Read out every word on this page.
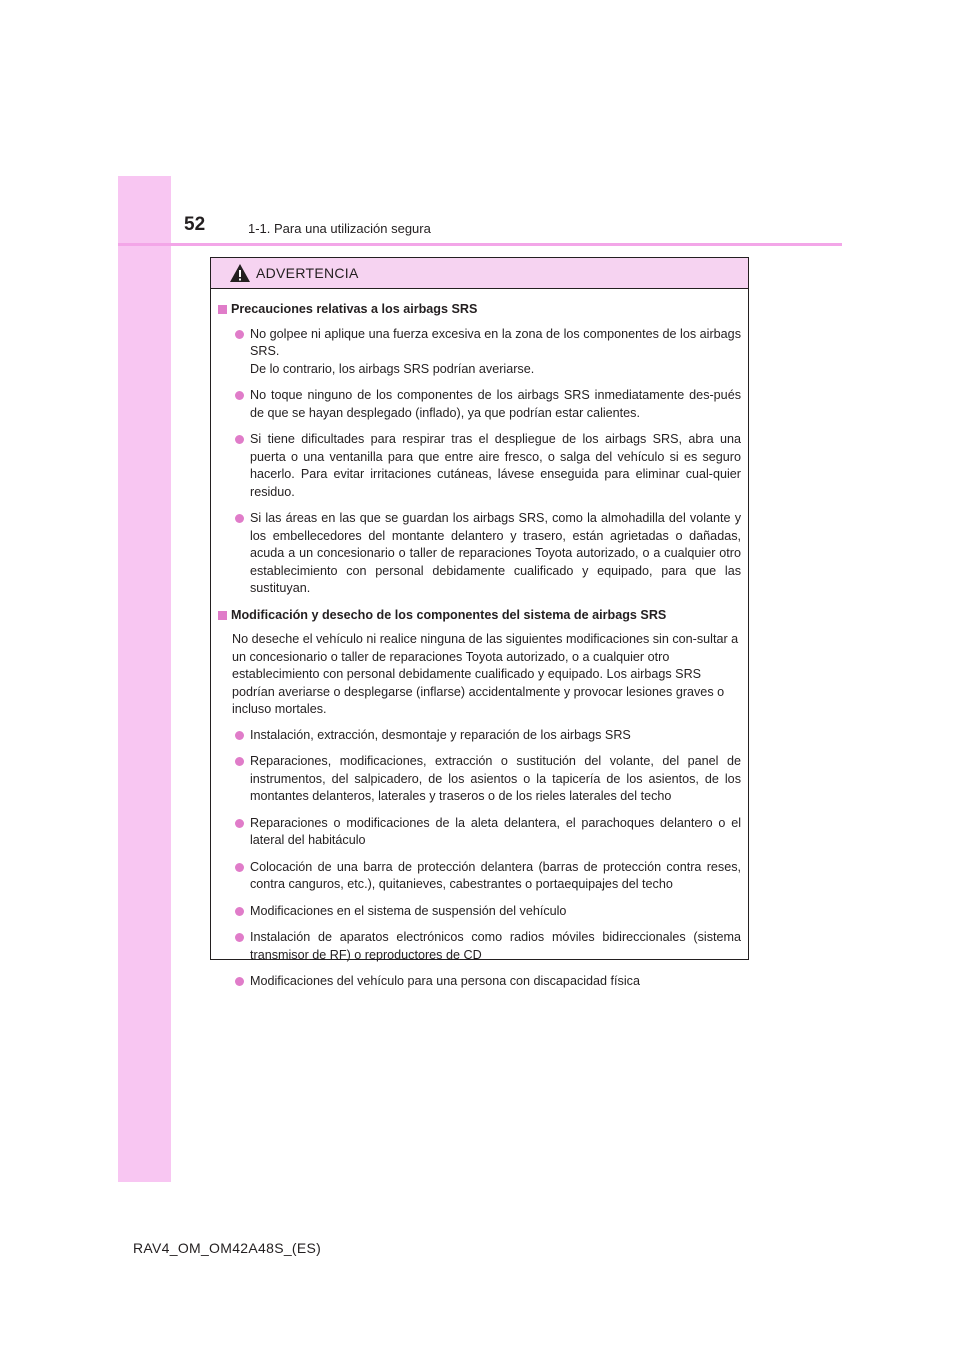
52	1-1. Para una utilización segura
ADVERTENCIA
Precauciones relativas a los airbags SRS

No golpee ni aplique una fuerza excesiva en la zona de los componentes de los airbags SRS.

De lo contrario, los airbags SRS podrían averiarse.

No toque ninguno de los componentes de los airbags SRS inmediatamente des-pués de que se hayan desplegado (inflado), ya que podrían estar calientes.

Si tiene dificultades para respirar tras el despliegue de los airbags SRS, abra una puerta o una ventanilla para que entre aire fresco, o salga del vehículo si es seguro hacerlo. Para evitar irritaciones cutáneas, lávese enseguida para eliminar cual-quier residuo.

Si las áreas en las que se guardan los airbags SRS, como la almohadilla del volante y los embellecedores del montante delantero y trasero, están agrietadas o dañadas, acuda a un concesionario o taller de reparaciones Toyota autorizado, o a cualquier otro establecimiento con personal debidamente cualificado y equipado, para que las sustituyan.

Modificación y desecho de los componentes del sistema de airbags SRS

No deseche el vehículo ni realice ninguna de las siguientes modificaciones sin con-sultar a un concesionario o taller de reparaciones Toyota autorizado, o a cualquier otro establecimiento con personal debidamente cualificado y equipado. Los airbags SRS podrían averiarse o desplegarse (inflarse) accidentalmente y provocar lesiones graves o incluso mortales.

Instalación, extracción, desmontaje y reparación de los airbags SRS

Reparaciones, modificaciones, extracción o sustitución del volante, del panel de instrumentos, del salpicadero, de los asientos o la tapicería de los asientos, de los montantes delanteros, laterales y traseros o de los rieles laterales del techo

Reparaciones o modificaciones de la aleta delantera, el parachoques delantero o el lateral del habitáculo

Colocación de una barra de protección delantera (barras de protección contra reses, contra canguros, etc.), quitanieves, cabestrantes o portaequipajes del techo

Modificaciones en el sistema de suspensión del vehículo

Instalación de aparatos electrónicos como radios móviles bidireccionales (sistema transmisor de RF) o reproductores de CD

Modificaciones del vehículo para una persona con discapacidad física

RAV4_OM_OM42A48S_(ES)
